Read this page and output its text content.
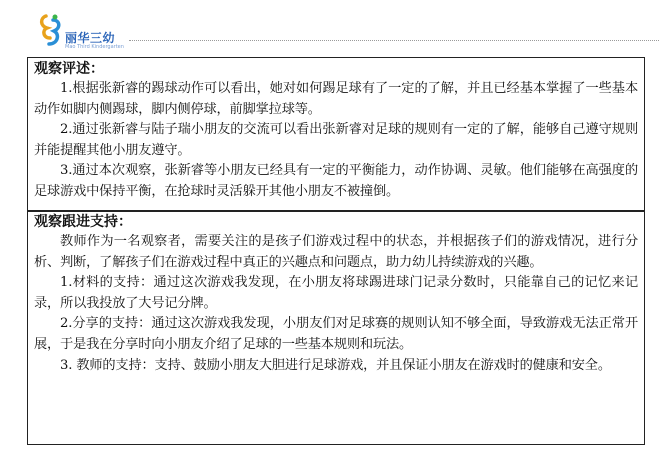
丽华三幼
Mao Third Kindergarten
观察评述：

1.根据张新睿的踢球动作可以看出，她对如何踢足球有了一定的了解，并且已经基本掌握了一些基本动作如脚内侧踢球，脚内侧停球，前脚掌拉球等。

2.通过张新睿与陆子瑞小朋友的交流可以看出张新睿对足球的规则有一定的了解，能够自己遵守规则并能提醒其他小朋友遵守。

3.通过本次观察，张新睿等小朋友已经具有一定的平衡能力，动作协调、灵敏。他们能够在高强度的足球游戏中保持平衡，在抢球时灵活躲开其他小朋友不被撞倒。

观察跟进支持：

教师作为一名观察者，需要关注的是孩子们游戏过程中的状态，并根据孩子们的游戏情况，进行分析、判断，了解孩子们在游戏过程中真正的兴趣点和问题点，助力幼儿持续游戏的兴趣。

1.材料的支持：通过这次游戏我发现，在小朋友将球踢进球门记录分数时，只能靠自己的记忆来记录，所以我投放了大号记分牌。

2.分享的支持：通过这次游戏我发现，小朋友们对足球赛的规则认知不够全面，导致游戏无法正常开展，于是我在分享时向小朋友介绍了足球的一些基本规则和玩法。

3. 教师的支持：支持、鼓励小朋友大胆进行足球游戏，并且保证小朋友在游戏时的健康和安全。
